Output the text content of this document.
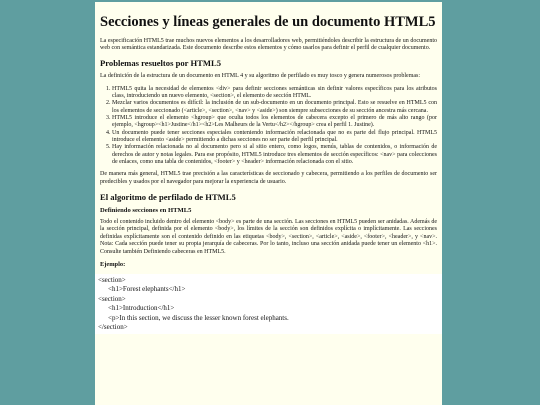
Secciones y líneas generales de un documento HTML5

La especificación HTML5 trae muchos nuevos elementos a los desarrolladores web, permitiéndoles describir la estructura de un documento web con semántica estandarizada. Este documento describe estos elementos y cómo usarlos para definir el perfil de cualquier documento.

Problemas resueltos por HTML5

La definición de la estructura de un documento en HTML 4 y su algoritmo de perfilado es muy tosco y genera numerosos problemas:

1. HTML5 quita la necesidad de elementos <div> para definir secciones semánticas sin definir valores específicos para los atributos class, introduciendo un nuevo elemento, <section>, el elemento de sección HTML.
2. Mezclar varios documentos es difícil: la inclusión de un sub-documento en un documento principal. Esto se resuelve en HTML5 con los elementos de seccionado (<article>, <section>, <nav> y <aside>) son siempre subsecciones de su sección ancestra más cercana.
3. HTML5 introduce el elemento <hgroup> que oculta todos los elementos de cabecera excepto el primero de más alto rango (por ejemplo, <hgroup><h1>Justine</h1><h2>Les Malheurs de la Vertu</h2></hgroup> crea el perfil 1. Justine).
4. Un documento puede tener secciones especiales conteniendo información relacionada que no es parte del flujo principal. HTML5 introduce el elemento <aside> permitiendo a dichas secciones no ser parte del perfil principal.
5. Hay información relacionada no al documento pero si al sitio entero, como logos, menús, tablas de contenidos, o información de derechos de autor y notas legales. Para ese propósito, HTML5 introduce tres elementos de sección específicos: <nav> para colecciones de enlaces, como una tabla de contenidos, <footer> y <header> información relacionada con el sitio.

De manera más general, HTML5 trae precisión a las características de seccionado y cabecera, permitiendo a los perfiles de documento ser predecibles y usados por el navegador para mejorar la experiencia de usuario.

El algoritmo de perfilado de HTML5
Definiendo secciones en HTML5

Todo el contenido incluido dentro del elemento <body> es parte de una sección. Las secciones en HTML5 pueden ser anidadas. Además de la sección principal, definida por el elemento <body>, los límites de la sección son definidos explícita o implícitamente. Las secciones definidas explícitamente son el contenido definido en las etiquetas <body>, <section>, <article>, <aside>, <footer>, <header>, y <nav>. Nota: Cada sección puede tener su propia jerarquía de cabeceras. Por lo tanto, incluso una sección anidada puede tener un elemento <h1>. Consulte también Definiendo cabeceras en HTML5.

Ejemplo:
<section>
<h1>Forest elephants</h1>
<section>
<h1>Introduction</h1>
<p>In this section, we discuss the lesser known forest elephants.
</section>
